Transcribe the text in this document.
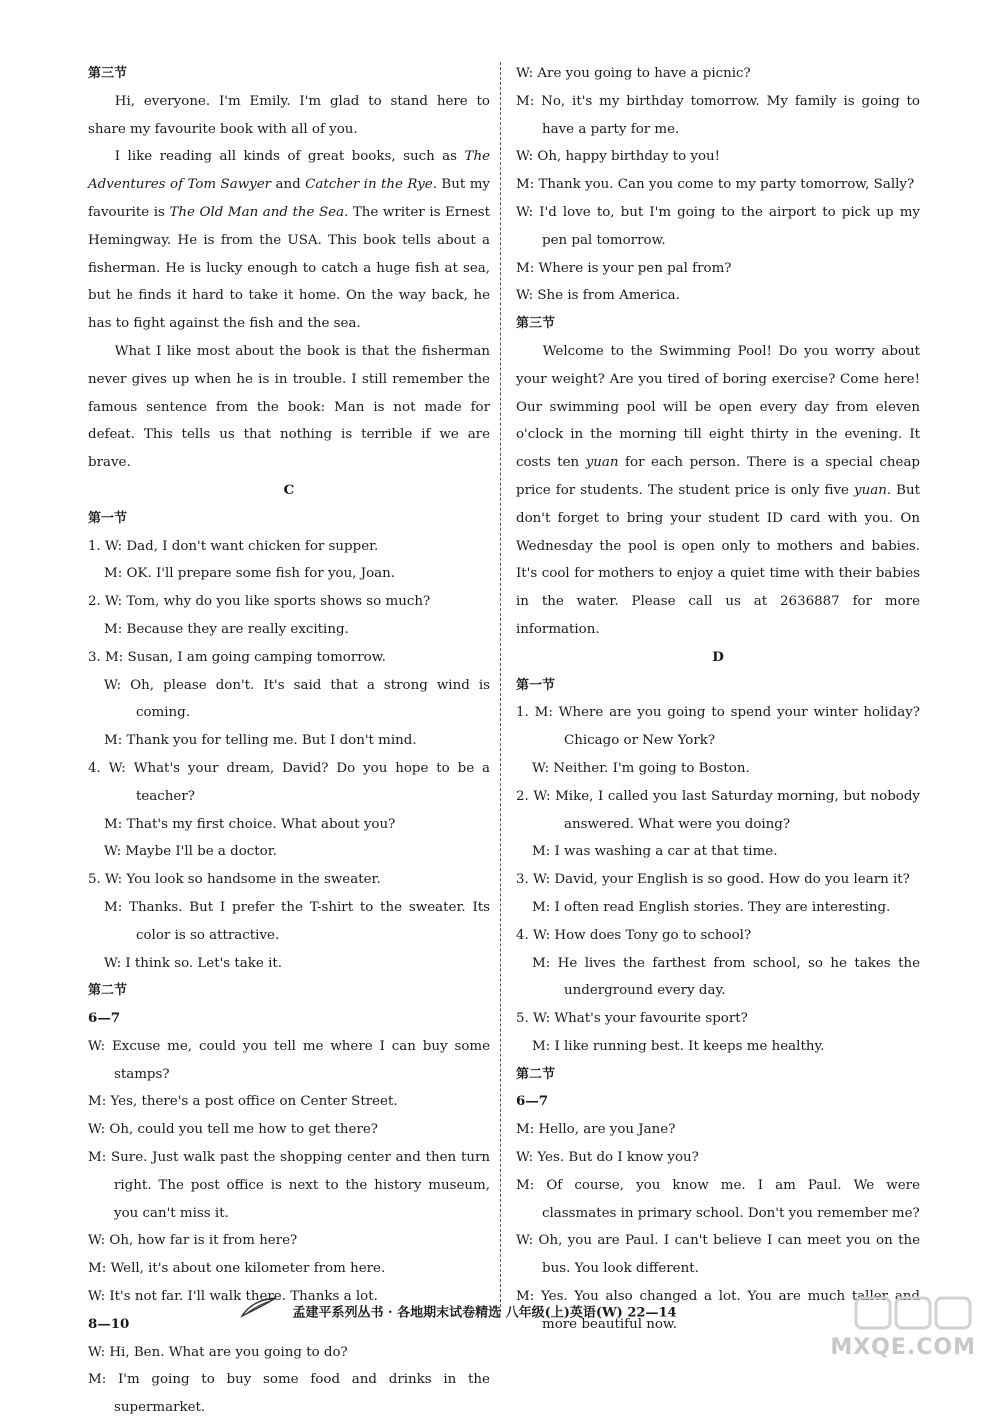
第三节
Hi, everyone. I'm Emily. I'm glad to stand here to share my favourite book with all of you.
I like reading all kinds of great books, such as The Adventures of Tom Sawyer and Catcher in the Rye. But my favourite is The Old Man and the Sea. The writer is Ernest Hemingway. He is from the USA. This book tells about a fisherman. He is lucky enough to catch a huge fish at sea, but he finds it hard to take it home. On the way back, he has to fight against the fish and the sea.
What I like most about the book is that the fisherman never gives up when he is in trouble. I still remember the famous sentence from the book: Man is not made for defeat. This tells us that nothing is terrible if we are brave.
C
第一节
1. W: Dad, I don't want chicken for supper.
M: OK. I'll prepare some fish for you, Joan.
2. W: Tom, why do you like sports shows so much?
M: Because they are really exciting.
3. M: Susan, I am going camping tomorrow.
W: Oh, please don't. It's said that a strong wind is coming.
M: Thank you for telling me. But I don't mind.
4. W: What's your dream, David? Do you hope to be a teacher?
M: That's my first choice. What about you?
W: Maybe I'll be a doctor.
5. W: You look so handsome in the sweater.
M: Thanks. But I prefer the T-shirt to the sweater. Its color is so attractive.
W: I think so. Let's take it.
第二节
6—7
W: Excuse me, could you tell me where I can buy some stamps?
M: Yes, there's a post office on Center Street.
W: Oh, could you tell me how to get there?
M: Sure. Just walk past the shopping center and then turn right. The post office is next to the history museum, you can't miss it.
W: Oh, how far is it from here?
M: Well, it's about one kilometer from here.
W: It's not far. I'll walk there. Thanks a lot.
8—10
W: Hi, Ben. What are you going to do?
M: I'm going to buy some food and drinks in the supermarket.
W: Are you going to have a picnic?
M: No, it's my birthday tomorrow. My family is going to have a party for me.
W: Oh, happy birthday to you!
M: Thank you. Can you come to my party tomorrow, Sally?
W: I'd love to, but I'm going to the airport to pick up my pen pal tomorrow.
M: Where is your pen pal from?
W: She is from America.
第三节
Welcome to the Swimming Pool! Do you worry about your weight? Are you tired of boring exercise? Come here! Our swimming pool will be open every day from eleven o'clock in the morning till eight thirty in the evening. It costs ten yuan for each person. There is a special cheap price for students. The student price is only five yuan. But don't forget to bring your student ID card with you. On Wednesday the pool is open only to mothers and babies. It's cool for mothers to enjoy a quiet time with their babies in the water. Please call us at 2636887 for more information.
D
第一节
1. M: Where are you going to spend your winter holiday? Chicago or New York?
W: Neither. I'm going to Boston.
2. W: Mike, I called you last Saturday morning, but nobody answered. What were you doing?
M: I was washing a car at that time.
3. W: David, your English is so good. How do you learn it?
M: I often read English stories. They are interesting.
4. W: How does Tony go to school?
M: He lives the farthest from school, so he takes the underground every day.
5. W: What's your favourite sport?
M: I like running best. It keeps me healthy.
第二节
6—7
M: Hello, are you Jane?
W: Yes. But do I know you?
M: Of course, you know me. I am Paul. We were classmates in primary school. Don't you remember me?
W: Oh, you are Paul. I can't believe I can meet you on the bus. You look different.
M: Yes. You also changed a lot. You are much taller and more beautiful now.
孟建平系列丛书 · 各地期末试卷精选 八年级(上)英语(W) 22—14
MXQE.COM
